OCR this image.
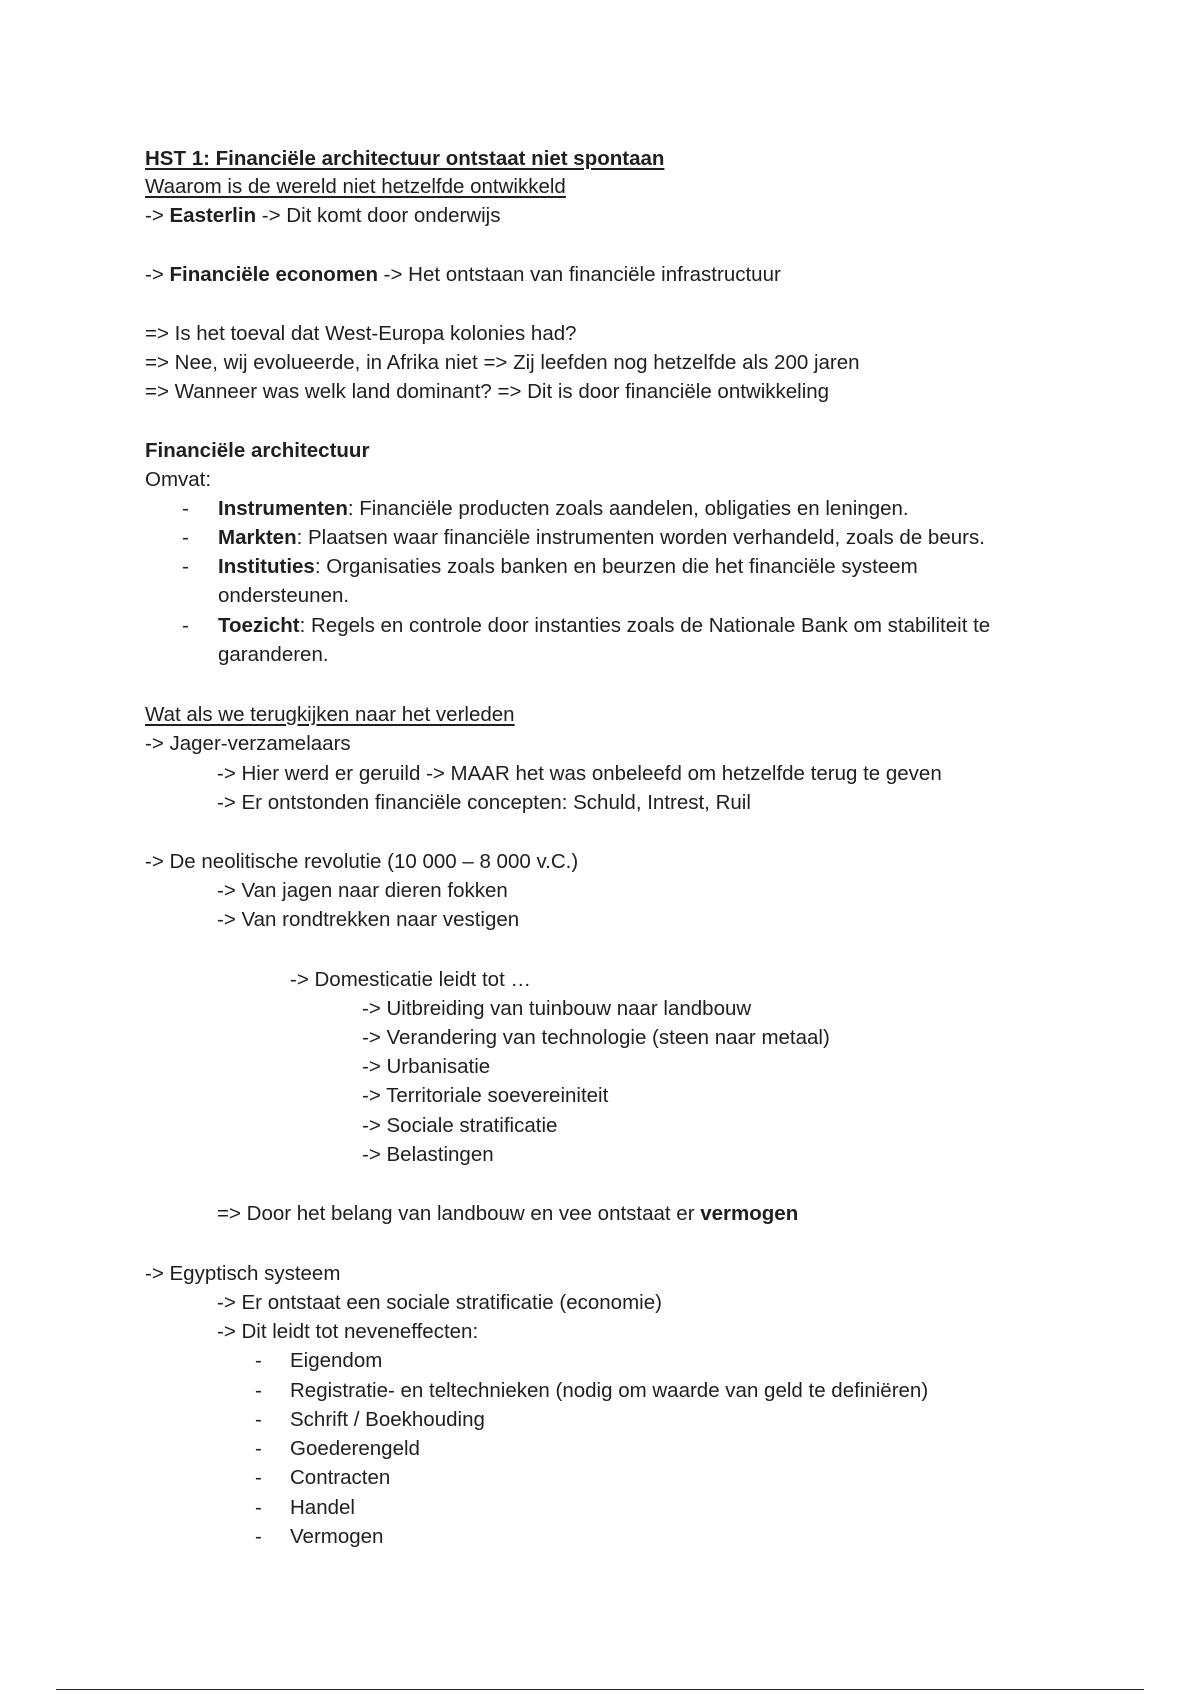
HST 1: Financiële architectuur ontstaat niet spontaan
Waarom is de wereld niet hetzelfde ontwikkeld
-> Easterlin -> Dit komt door onderwijs
-> Financiële economen -> Het ontstaan van financiële infrastructuur
=> Is het toeval dat West-Europa kolonies had?
=> Nee, wij evolueerde, in Afrika niet => Zij leefden nog hetzelfde als 200 jaren
=> Wanneer was welk land dominant? => Dit is door financiële ontwikkeling
Financiële architectuur
Omvat:
- Instrumenten: Financiële producten zoals aandelen, obligaties en leningen.
- Markten: Plaatsen waar financiële instrumenten worden verhandeld, zoals de beurs.
- Instituties: Organisaties zoals banken en beurzen die het financiële systeem
ondersteunen.
- Toezicht: Regels en controle door instanties zoals de Nationale Bank om stabiliteit te
garanderen.
Wat als we terugkijken naar het verleden
-> Jager-verzamelaars
-> Hier werd er geruild -> MAAR het was onbeleefd om hetzelfde terug te geven
-> Er ontstonden financiële concepten: Schuld, Intrest, Ruil
-> De neolitische revolutie (10 000 – 8 000 v.C.)
-> Van jagen naar dieren fokken
-> Van rondtrekken naar vestigen
-> Domesticatie leidt tot …
-> Uitbreiding van tuinbouw naar landbouw
-> Verandering van technologie (steen naar metaal)
-> Urbanisatie
-> Territoriale soevereiniteit
-> Sociale stratificatie
-> Belastingen
=> Door het belang van landbouw en vee ontstaat er vermogen
-> Egyptisch systeem
-> Er ontstaat een sociale stratificatie (economie)
-> Dit leidt tot neveneffecten:
- Eigendom
- Registratie- en teltechnieken (nodig om waarde van geld te definiëren)
- Schrift / Boekhouding
- Goederengeld
- Contracten
- Handel
- Vermogen
